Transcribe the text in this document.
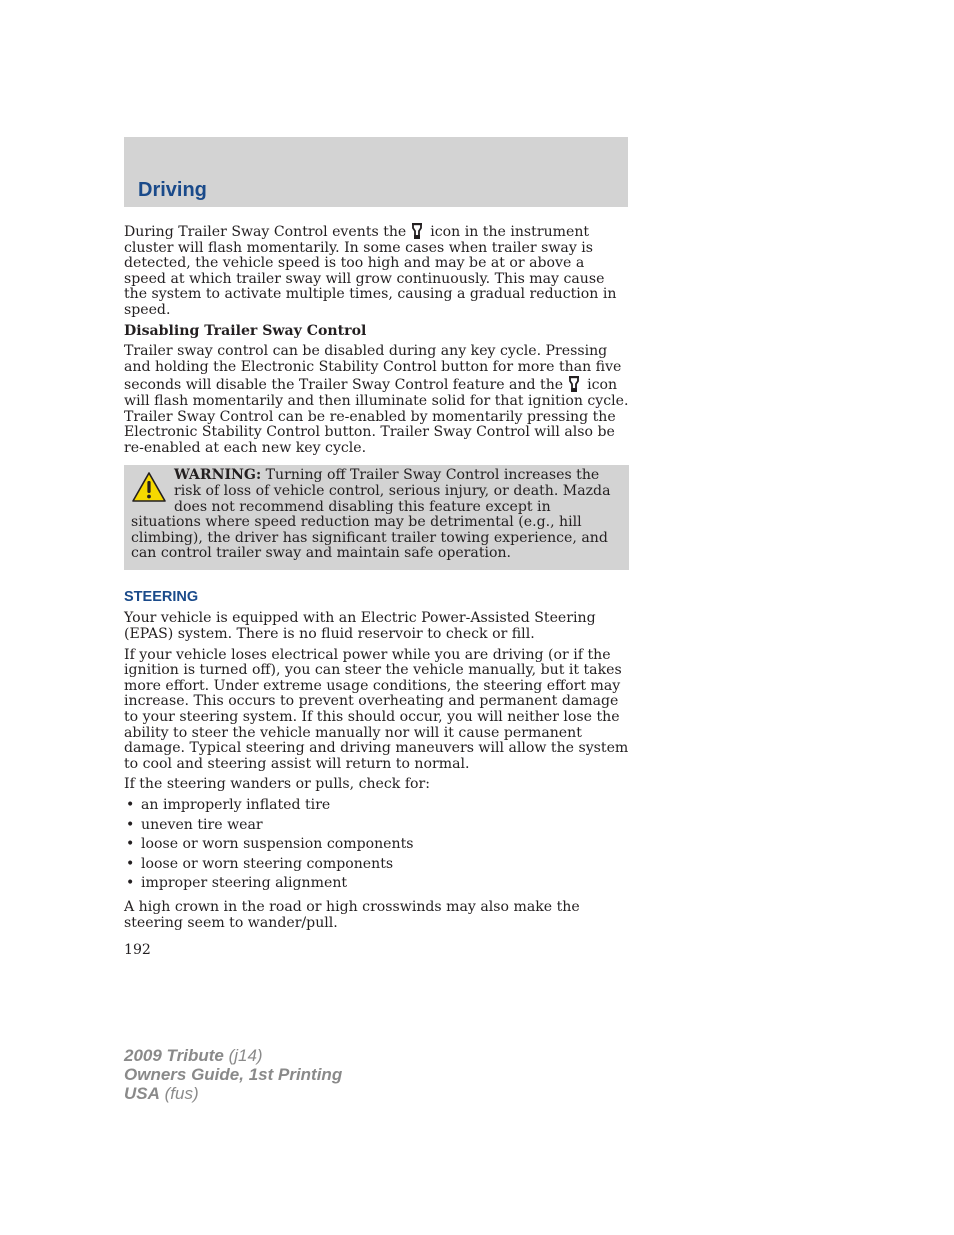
Driving

During Trailer Sway Control events the icon in the instrument cluster will flash momentarily. In some cases when trailer sway is detected, the vehicle speed is too high and may be at or above a speed at which trailer sway will grow continuously. This may cause the system to activate multiple times, causing a gradual reduction in speed.

Disabling Trailer Sway Control

Trailer sway control can be disabled during any key cycle. Pressing and holding the Electronic Stability Control button for more than five seconds will disable the Trailer Sway Control feature and the icon will flash momentarily and then illuminate solid for that ignition cycle. Trailer Sway Control can be re-enabled by momentarily pressing the Electronic Stability Control button. Trailer Sway Control will also be re-enabled at each new key cycle.

WARNING: Turning off Trailer Sway Control increases the risk of loss of vehicle control, serious injury, or death. Mazda does not recommend disabling this feature except in situations where speed reduction may be detrimental (e.g., hill climbing), the driver has significant trailer towing experience, and can control trailer sway and maintain safe operation.
STEERING

Your vehicle is equipped with an Electric Power-Assisted Steering (EPAS) system. There is no fluid reservoir to check or fill.

If your vehicle loses electrical power while you are driving (or if the ignition is turned off), you can steer the vehicle manually, but it takes more effort. Under extreme usage conditions, the steering effort may increase. This occurs to prevent overheating and permanent damage to your steering system. If this should occur, you will neither lose the ability to steer the vehicle manually nor will it cause permanent damage. Typical steering and driving maneuvers will allow the system to cool and steering assist will return to normal.

If the steering wanders or pulls, check for:

• an improperly inflated tire
• uneven tire wear
• loose or worn suspension components
• loose or worn steering components
• improper steering alignment

A high crown in the road or high crosswinds may also make the steering seem to wander/pull.

192
2009 Tribute (j14)
Owners Guide, 1st Printing
USA (fus)
